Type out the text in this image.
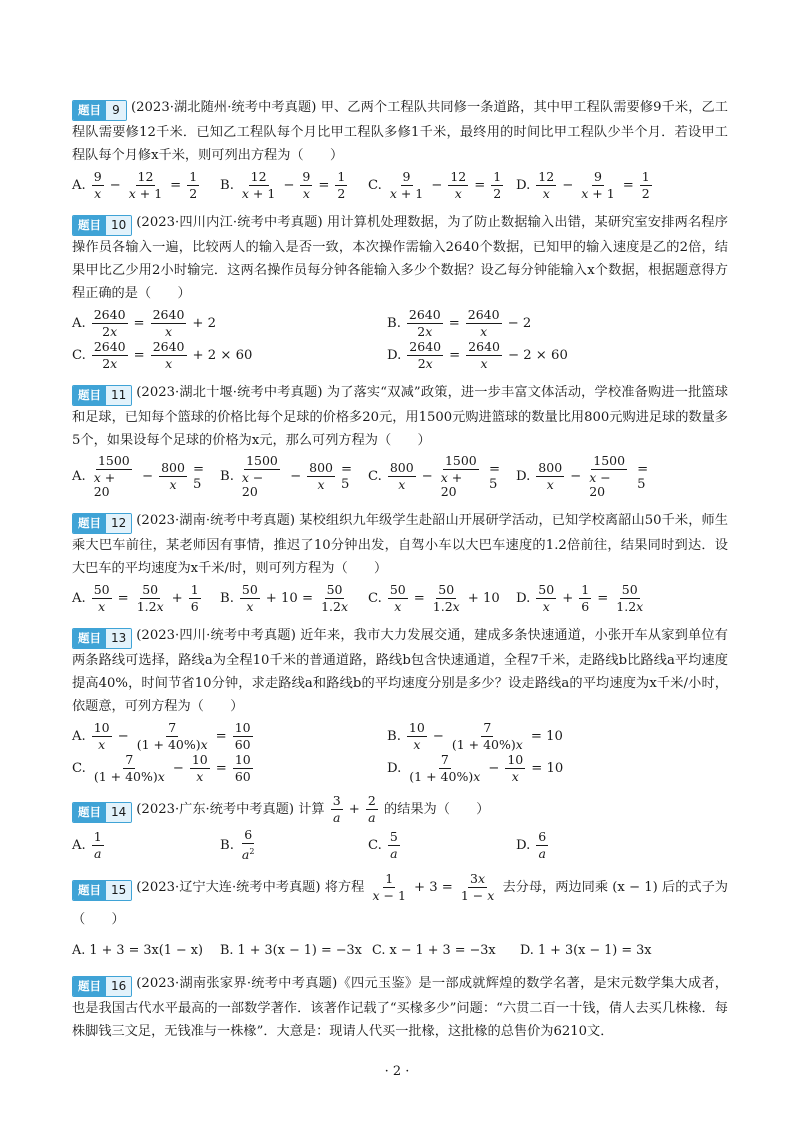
题目 9 (2023·湖北随州·统考中考真题) 甲、乙两个工程队共同修一条道路，其中甲工程队需要修9千米，乙工程队需要修12千米．已知乙工程队每个月比甲工程队多修1千米，最终用的时间比甲工程队少半个月．若设甲工程队每个月修x千米，则可列出方程为（　　）
A. $\frac{9}{x} - \frac{12}{x + 1} = \frac{1}{2} B$. $\frac{12}{x + 1} - \frac{9}{x} = \frac{1}{2} C$. $\frac{9}{x + 1} - \frac{12}{x} = \frac{1}{2} D$. $\frac{12}{x} - \frac{9}{x + 1} = \frac{1}{2}$
题目 10 (2023·四川内江·统考中考真题) 用计算机处理数据，为了防止数据输入出错，某研究室安排两名程序操作员各输入一遍，比较两人的输入是否一致，本次操作需输入2640个数据，已知甲的输入速度是乙的2倍，结果甲比乙少用2小时输完．这两名操作员每分钟各能输入多少个数据？设乙每分钟能输入x个数据，根据题意得方程正确的是（　　）
A. $\frac{2640}{2x} = \frac{2640}{x} + 2$	B. $\frac{2640}{2x} = \frac{2640}{x} - 2$
C. $\frac{2640}{2x} = \frac{2640}{x} + 2 \times 60$	D. $\frac{2640}{2x} = \frac{2640}{x} - 2 \times 60$
题目 11 (2023·湖北十堰·统考中考真题) 为了落实“双减”政策，进一步丰富文体活动，学校准备购进一批篮球和足球，已知每个篮球的价格比每个足球的价格多20元，用1500元购进篮球的数量比用800元购进足球的数量多5个，如果设每个足球的价格为x元，那么可列方程为（　　）
A. $\frac{1500}{x + 20} - \frac{800}{x} = 5$	B. $\frac{1500}{x - 20} - \frac{800}{x} = 5$	C. $\frac{800}{x} - \frac{1500}{x + 20} = 5$	D. $\frac{800}{x} - \frac{1500}{x - 20} = 5$
题目 12 (2023·湖南·统考中考真题) 某校组织九年级学生赴韶山开展研学活动，已知学校离韶山50千米，师生乘大巴车前往，某老师因有事情，推迟了10分钟出发，自驾小车以大巴车速度的1.2倍前往，结果同时到达．设大巴车的平均速度为x千米/时，则可列方程为（　　）
A. $\frac{50}{x} = \frac{50}{1.2x} + \frac{1}{6} B$. $\frac{50}{x} + 10 = \frac{50}{1.2x} C$. $\frac{50}{x} = \frac{50}{1.2x} + 10$ D. $\frac{50}{x} + \frac{1}{6} = \frac{50}{1.2x}$
题目 13 (2023·四川·统考中考真题) 近年来，我市大力发展交通，建成多条快速通道，小张开车从家到单位有两条路线可选择，路线a为全程10千米的普通道路，路线b包含快速通道，全程7千米，走路线b比路线a平均速度提高40%，时间节省10分钟，求走路线a和路线b的平均速度分别是多少？设走路线a的平均速度为x千米/小时，依题意，可列方程为（　　）
A. $\frac{10}{x} - \frac{7}{(1 + 40\%)x} = \frac{10}{60}$	B. $\frac{10}{x} - \frac{7}{(1 + 40\%)x} = 10$
C. $\frac{7}{(1 + 40\%)x} - \frac{10}{x} = \frac{10}{60}$	D. $\frac{7}{(1 + 40\%)x} - \frac{10}{x} = 10$
题目 14 (2023·广东·统考中考真题) 计算 $\frac{3}{a} + \frac{2}{a}$ 的结果为（　　）
A. $\frac{1}{a}$	B. $\frac{6}{a^2}$	C. $\frac{5}{a}$	D. $\frac{6}{a}$
题目 15 (2023·辽宁大连·统考中考真题) 将方程 $\frac{1}{x - 1} + 3 = \frac{3x}{1 - x}$ 去分母，两边同乘 (x − 1) 后的式子为（　　）
A. 1 + 3 = 3x(1 − x) B. 1 + 3(x − 1) = −3x C. x − 1 + 3 = −3x D. 1 + 3(x − 1) = 3x
题目 16 (2023·湖南张家界·统考中考真题)《四元玉鉴》是一部成就辉煌的数学名著，是宋元数学集大成者，也是我国古代水平最高的一部数学著作．该著作记载了“买椽多少”问题：“六贯二百一十钱，倩人去买几株椽．每株脚钱三文足，无钱准与一株椽”．大意是：现请人代买一批椽，这批椽的总售价为6210文．
· 2 ·
